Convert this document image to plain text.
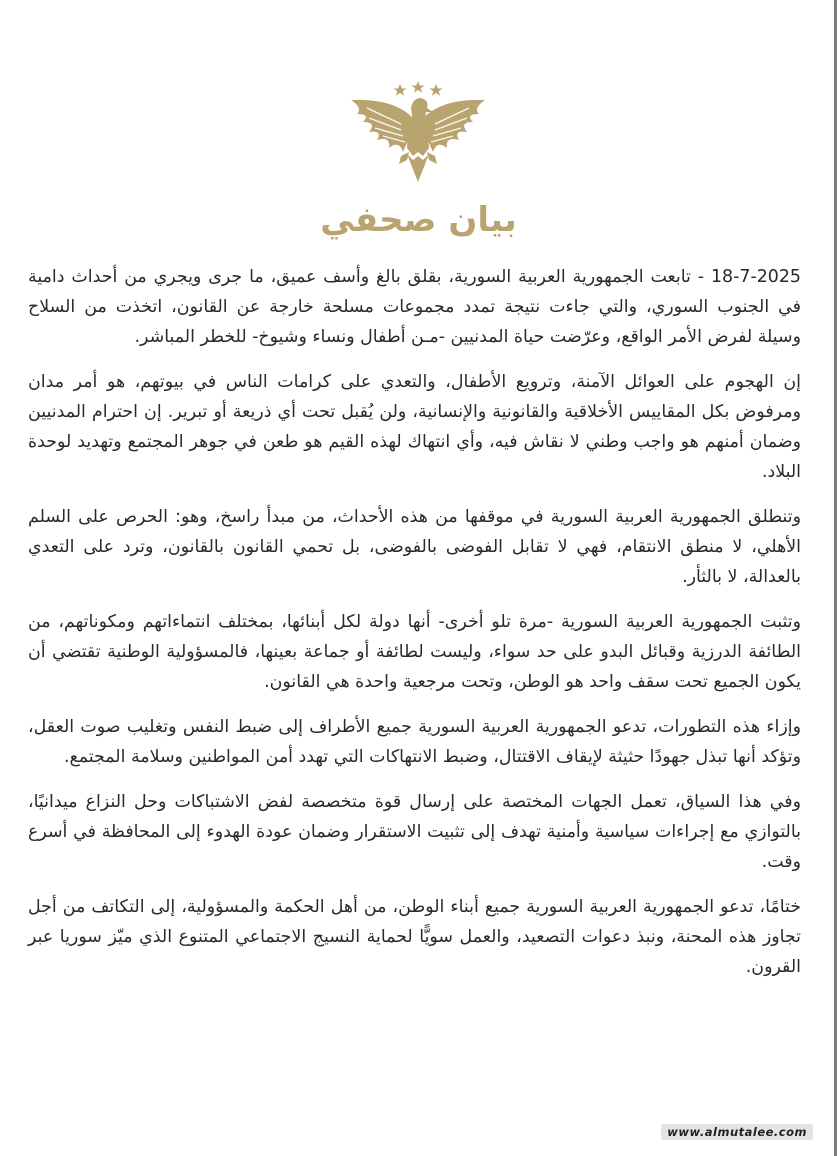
بيان صحفي

18-7-2025 - تابعت الجمهورية العربية السورية، بقلق بالغ وأسف عميق، ما جرى ويجري من أحداث دامية في الجنوب السوري، والتي جاءت نتيجة تمدد مجموعات مسلحة خارجة عن القانون، اتخذت من السلاح وسيلة لفرض الأمر الواقع، وعرّضت حياة المدنيين -مـن أطفال ونساء وشيوخ- للخطر المباشر.

إن الهجوم على العوائل الآمنة، وترويع الأطفال، والتعدي على كرامات الناس في بيوتهم، هو أمر مدان ومرفوض بكل المقاييس الأخلاقية والقانونية والإنسانية، ولن يُقبل تحت أي ذريعة أو تبرير. إن احترام المدنيين وضمان أمنهم هو واجب وطني لا نقاش فيه، وأي انتهاك لهذه القيم هو طعن في جوهر المجتمع وتهديد لوحدة البلاد.

وتنطلق الجمهورية العربية السورية في موقفها من هذه الأحداث، من مبدأ راسخ، وهو: الحرص على السلم الأهلي، لا منطق الانتقام، فهي لا تقابل الفوضى بالفوضى، بل تحمي القانون بالقانون، وترد على التعدي بالعدالة، لا بالثأر.

وتثبت الجمهورية العربية السورية -مرة تلو أخرى- أنها دولة لكل أبنائها، بمختلف انتماءاتهم ومكوناتهم، من الطائفة الدرزية وقبائل البدو على حد سواء، وليست لطائفة أو جماعة بعينها، فالمسؤولية الوطنية تقتضي أن يكون الجميع تحت سقف واحد هو الوطن، وتحت مرجعية واحدة هي القانون.

وإزاء هذه التطورات، تدعو الجمهورية العربية السورية جميع الأطراف إلى ضبط النفس وتغليب صوت العقل، وتؤكد أنها تبذل جهودًا حثيثة لإيقاف الاقتتال، وضبط الانتهاكات التي تهدد أمن المواطنين وسلامة المجتمع.

وفي هذا السياق، تعمل الجهات المختصة على إرسال قوة متخصصة لفض الاشتباكات وحل النزاع ميدانيًا، بالتوازي مع إجراءات سياسية وأمنية تهدف إلى تثبيت الاستقرار وضمان عودة الهدوء إلى المحافظة في أسرع وقت.

ختامًا، تدعو الجمهورية العربية السورية جميع أبناء الوطن، من أهل الحكمة والمسؤولية، إلى التكاتف من أجل تجاوز هذه المحنة، ونبذ دعوات التصعيد، والعمل سويًّا لحماية النسيج الاجتماعي المتنوع الذي ميّز سوريا عبر القرون.

www.almutalee.com
